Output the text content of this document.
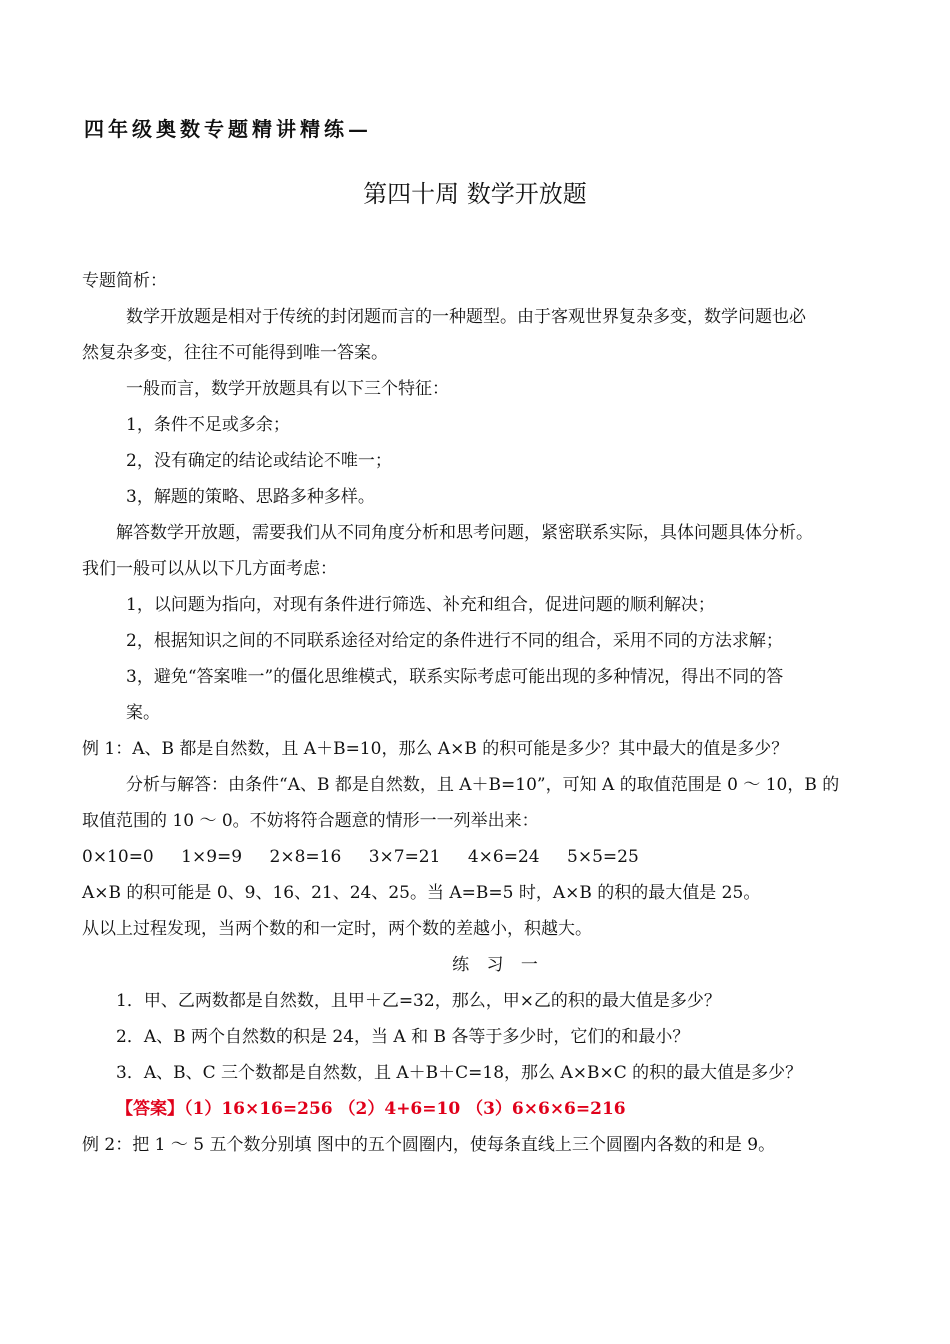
四年级奥数专题精讲精练—
第四十周 数学开放题

专题简析：

数学开放题是相对于传统的封闭题而言的一种题型。由于客观世界复杂多变，数学问题也必

然复杂多变，往往不可能得到唯一答案。

一般而言，数学开放题具有以下三个特征：

1，条件不足或多余；

2，没有确定的结论或结论不唯一；

3，解题的策略、思路多种多样。

解答数学开放题，需要我们从不同角度分析和思考问题，紧密联系实际，具体问题具体分析。

我们一般可以从以下几方面考虑：

1，以问题为指向，对现有条件进行筛选、补充和组合，促进问题的顺利解决；

2，根据知识之间的不同联系途径对给定的条件进行不同的组合，采用不同的方法求解；

3，避免“答案唯一”的僵化思维模式，联系实际考虑可能出现的多种情况，得出不同的答

案。

例 1：A、B 都是自然数，且 A＋B=10，那么 A×B 的积可能是多少？其中最大的值是多少？

分析与解答：由条件“A、B 都是自然数，且 A＋B=10”，可知 A 的取值范围是 0 ～ 10，B 的

取值范围的 10 ～ 0。不妨将符合题意的情形一一列举出来：

0×10=0 1×9=9 2×8=16 3×7=21 4×6=24 5×5=25

A×B 的积可能是 0、9、16、21、24、25。当 A=B=5 时，A×B 的积的最大值是 25。

从以上过程发现，当两个数的和一定时，两个数的差越小，积越大。

练 习 一

1．甲、乙两数都是自然数，且甲＋乙=32，那么，甲×乙的积的最大值是多少？

2．A、B 两个自然数的积是 24，当 A 和 B 各等于多少时，它们的和最小？

3．A、B、C 三个数都是自然数，且 A＋B＋C=18，那么 A×B×C 的积的最大值是多少？

【答案】（1）16×16=256 （2）4+6=10 （3）6×6×6=216

例 2：把 1 ～ 5 五个数分别填 图中的五个圆圈内，使每条直线上三个圆圈内各数的和是 9。
